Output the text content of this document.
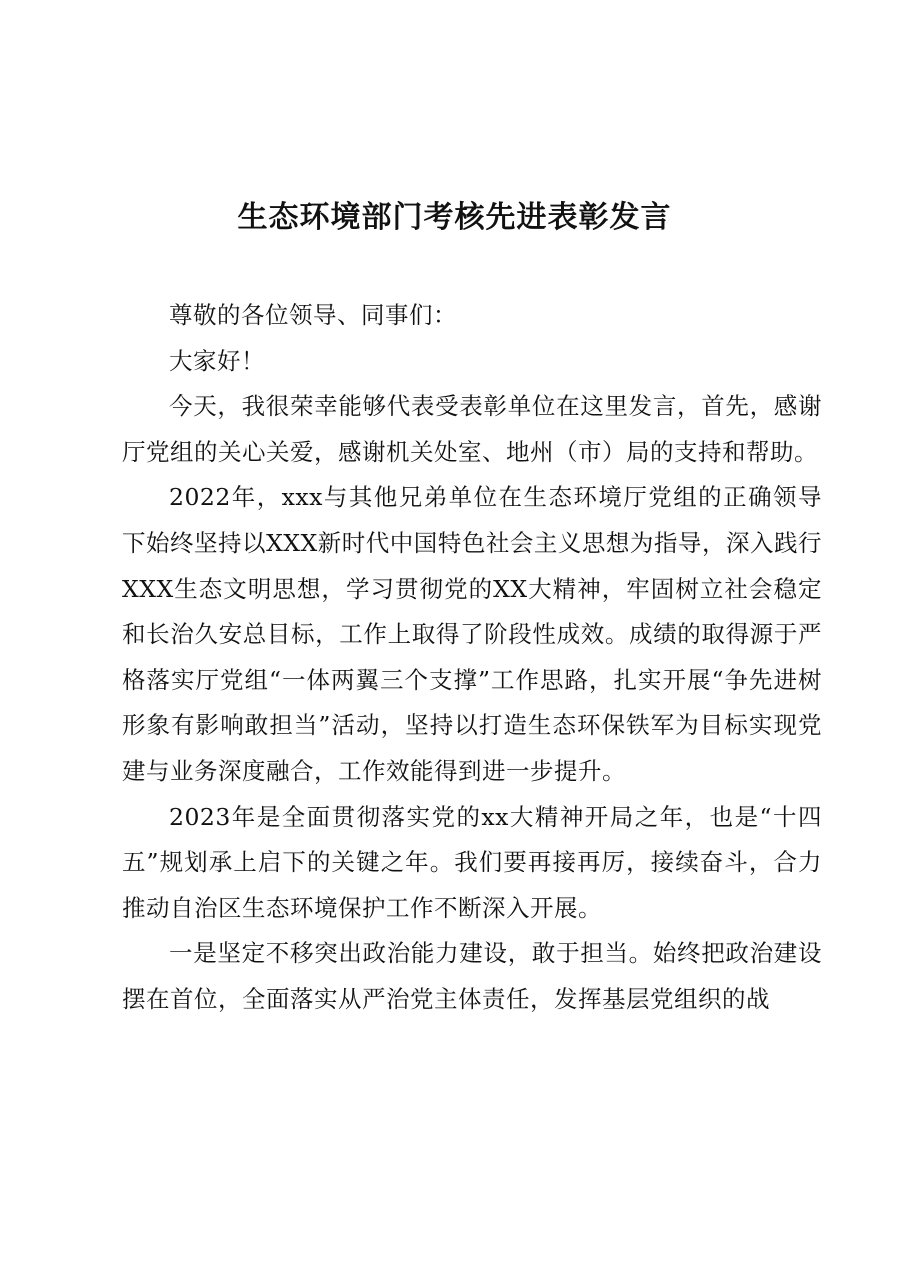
生态环境部门考核先进表彰发言

尊敬的各位领导、同事们：

大家好！

今天，我很荣幸能够代表受表彰单位在这里发言，首先，感谢厅党组的关心关爱，感谢机关处室、地州（市）局的支持和帮助。

2022年，xxx与其他兄弟单位在生态环境厅党组的正确领导下始终坚持以XXX新时代中国特色社会主义思想为指导，深入践行XXX生态文明思想，学习贯彻党的XX大精神，牢固树立社会稳定和长治久安总目标，工作上取得了阶段性成效。成绩的取得源于严格落实厅党组“一体两翼三个支撑”工作思路，扎实开展“争先进树形象有影响敢担当”活动，坚持以打造生态环保铁军为目标实现党建与业务深度融合，工作效能得到进一步提升。

2023年是全面贯彻落实党的xx大精神开局之年，也是“十四五”规划承上启下的关键之年。我们要再接再厉，接续奋斗，合力推动自治区生态环境保护工作不断深入开展。

一是坚定不移突出政治能力建设，敢于担当。始终把政治建设摆在首位，全面落实从严治党主体责任，发挥基层党组织的战
